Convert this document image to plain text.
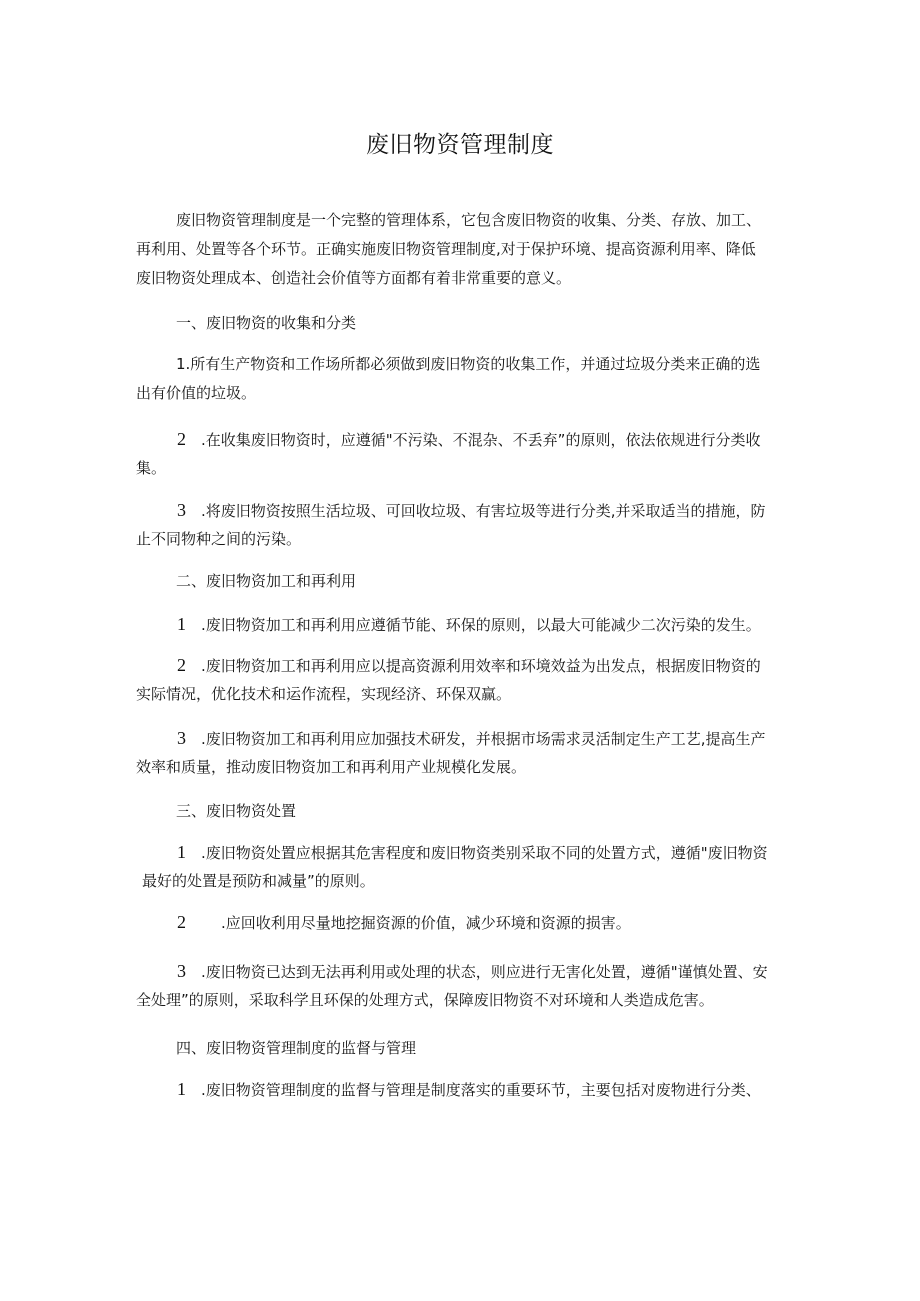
废旧物资管理制度
废旧物资管理制度是一个完整的管理体系，它包含废旧物资的收集、分类、存放、加工、
再利用、处置等各个环节。正确实施废旧物资管理制度,对于保护环境、提高资源利用率、降低
废旧物资处理成本、创造社会价值等方面都有着非常重要的意义。
一、废旧物资的收集和分类
1.所有生产物资和工作场所都必须做到废旧物资的收集工作，并通过垃圾分类来正确的选
出有价值的垃圾。
2 .在收集废旧物资时，应遵循"不污染、不混杂、不丢弃”的原则，依法依规进行分类收
集。
3 .将废旧物资按照生活垃圾、可回收垃圾、有害垃圾等进行分类,并采取适当的措施，防
止不同物种之间的污染。
二、废旧物资加工和再利用
1 .废旧物资加工和再利用应遵循节能、环保的原则，以最大可能减少二次污染的发生。
2 .废旧物资加工和再利用应以提高资源利用效率和环境效益为出发点，根据废旧物资的
实际情况，优化技术和运作流程，实现经济、环保双赢。
3 .废旧物资加工和再利用应加强技术研发，并根据市场需求灵活制定生产工艺,提高生产
效率和质量，推动废旧物资加工和再利用产业规模化发展。
三、废旧物资处置
1 .废旧物资处置应根据其危害程度和废旧物资类别采取不同的处置方式，遵循"废旧物资
最好的处置是预防和减量”的原则。
2 .应回收利用尽量地挖掘资源的价值，减少环境和资源的损害。
3 .废旧物资已达到无法再利用或处理的状态，则应进行无害化处置，遵循"谨慎处置、安
全处理”的原则，采取科学且环保的处理方式，保障废旧物资不对环境和人类造成危害。
四、废旧物资管理制度的监督与管理
1 .废旧物资管理制度的监督与管理是制度落实的重要环节，主要包括对废物进行分类、
